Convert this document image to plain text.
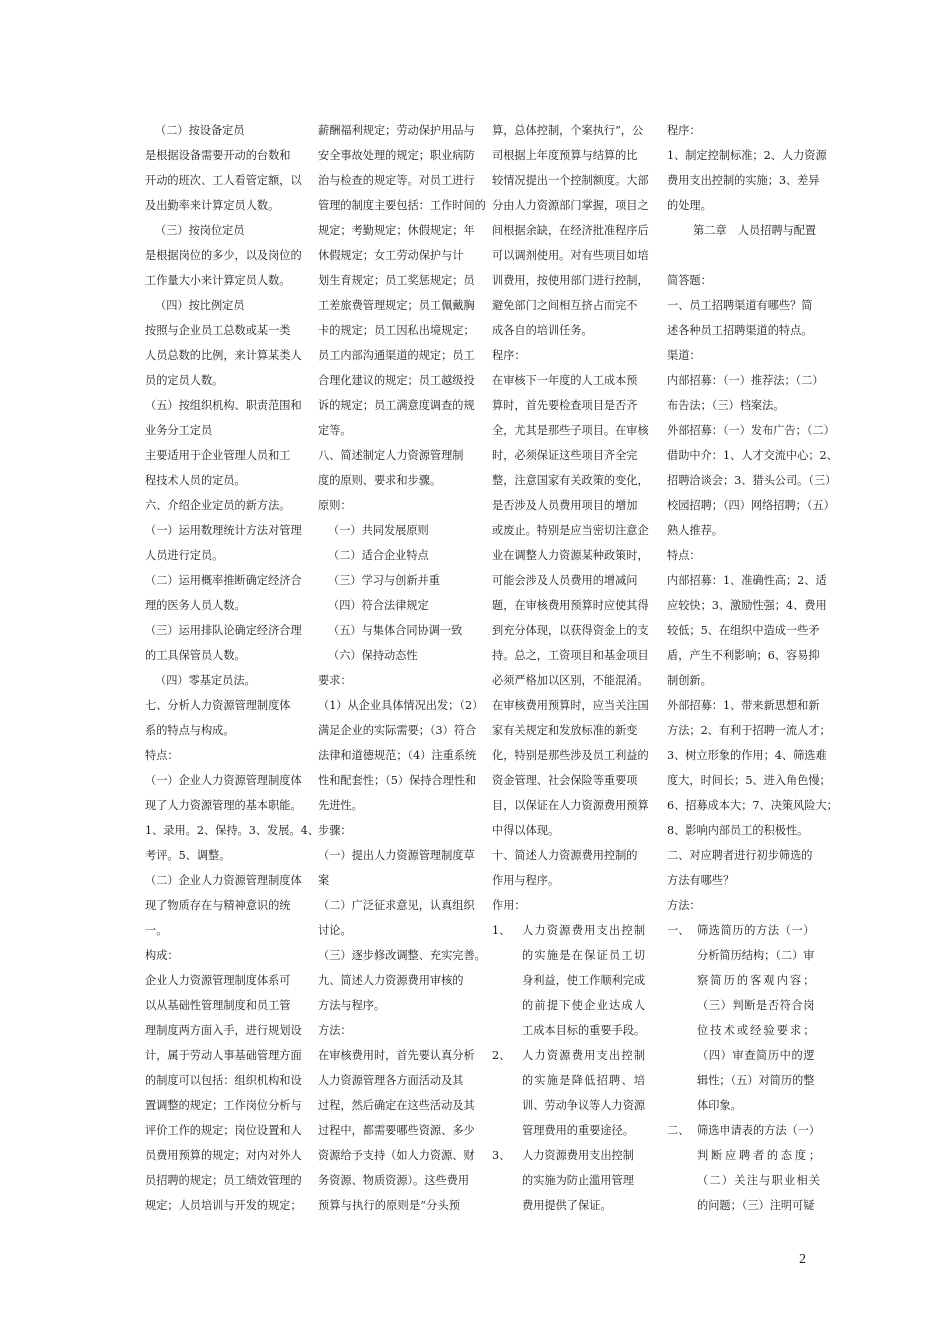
（二）按设备定员
是根据设备需要开动的台数和
开动的班次、工人看管定额，以
及出勤率来计算定员人数。
（三）按岗位定员
是根据岗位的多少，以及岗位的
工作量大小来计算定员人数。
（四）按比例定员
按照与企业员工总数或某一类
人员总数的比例，来计算某类人
员的定员人数。
（五）按组织机构、职责范围和
业务分工定员
主要适用于企业管理人员和工
程技术人员的定员。
六、介绍企业定员的新方法。
（一）运用数理统计方法对管理
人员进行定员。
（二）运用概率推断确定经济合
理的医务人员人数。
（三）运用排队论确定经济合理
的工具保管员人数。
（四）零基定员法。
七、分析人力资源管理制度体
系的特点与构成。
特点：
（一）企业人力资源管理制度体
现了人力资源管理的基本职能。
1、录用。2、保持。3、发展。4、
考评。5、调整。
（二）企业人力资源管理制度体
现了物质存在与精神意识的统
一。
构成：
企业人力资源管理制度体系可
以从基础性管理制度和员工管
理制度两方面入手，进行规划设
计，属于劳动人事基础管理方面
的制度可以包括：组织机构和设
置调整的规定；工作岗位分析与
评价工作的规定；岗位设置和人
员费用预算的规定；对内对外人
员招聘的规定；员工绩效管理的
规定；人员培训与开发的规定；
薪酬福利规定；劳动保护用品与
安全事故处理的规定；职业病防
治与检查的规定等。对员工进行
管理的制度主要包括：工作时间的
规定；考勤规定；休假规定；年
休假规定；女工劳动保护与计
划生育规定；员工奖惩规定；员
工差旅费管理规定；员工佩戴胸
卡的规定；员工因私出境规定；
员工内部沟通渠道的规定；员工
合理化建议的规定；员工越级投
诉的规定；员工满意度调查的规
定等。
八、简述制定人力资源管理制
度的原则、要求和步骤。
原则：
（一）共同发展原则
（二）适合企业特点
（三）学习与创新并重
（四）符合法律规定
（五）与集体合同协调一致
（六）保持动态性
要求：
（1）从企业具体情况出发；（2）
满足企业的实际需要；（3）符合
法律和道德规范；（4）注重系统
性和配套性；（5）保持合理性和
先进性。
步骤：
（一）提出人力资源管理制度草
案
（二）广泛征求意见，认真组织
讨论。
（三）逐步修改调整、充实完善。
九、简述人力资源费用审核的
方法与程序。
方法：
在审核费用时，首先要认真分析
人力资源管理各方面活动及其
过程，然后确定在这些活动及其
过程中，都需要哪些资源、多少
资源给予支持（如人力资源、财
务资源、物质资源）。这些费用
预算与执行的原则是“分头预
算，总体控制，个案执行”，公
司根据上年度预算与结算的比
较情况提出一个控制额度。大部
分由人力资源部门掌握，项目之
间根据余缺，在经济批准程序后
可以调剂使用。对有些项目如培
训费用，按使用部门进行控制，
避免部门之间相互挤占而完不
成各自的培训任务。
程序：
在审核下一年度的人工成本预
算时，首先要检查项目是否齐
全，尤其是那些子项目。在审核
时，必须保证这些项目齐全完
整，注意国家有关政策的变化，
是否涉及人员费用项目的增加
或废止。特别是应当密切注意企
业在调整人力资源某种政策时，
可能会涉及人员费用的增减问
题，在审核费用预算时应使其得
到充分体现，以获得资金上的支
持。总之，工资项目和基金项目
必须严格加以区别，不能混淆。
在审核费用预算时，应当关注国
家有关规定和发放标准的新变
化，特别是那些涉及员工利益的
资金管理、社会保险等重要项
目，以保证在人力资源费用预算
中得以体现。
十、简述人力资源费用控制的
作用与程序。
作用：
1、	人力资源费用支出控制
的实施是在保证员工切
身利益，使工作顺利完成
的前提下使企业达成人
工成本目标的重要手段。
2、	人力资源费用支出控制
的实施是降低招聘、培
训、劳动争议等人力资源
管理费用的重要途径。
3、	人力资源费用支出控制
的实施为防止滥用管理
费用提供了保证。
程序：
1、制定控制标准；2、人力资源
费用支出控制的实施；3、差异
的处理。
第二章　人员招聘与配置
简答题：
一、员工招聘渠道有哪些？简
述各种员工招聘渠道的特点。
渠道：
内部招募：（一）推荐法；（二）
布告法；（三）档案法。
外部招募：（一）发布广告；（二）
借助中介：1、人才交流中心；2、
招聘洽谈会；3、猎头公司。（三）
校园招聘；（四）网络招聘；（五）
熟人推荐。
特点：
内部招募：1、准确性高；2、适
应较快；3、激励性强；4、费用
较低；5、在组织中造成一些矛
盾，产生不利影响；6、容易抑
制创新。
外部招募：1、带来新思想和新
方法；2、有利于招聘一流人才；
3、树立形象的作用；4、筛选难
度大，时间长；5、进入角色慢；
6、招募成本大；7、决策风险大；
8、影响内部员工的积极性。
二、对应聘者进行初步筛选的
方法有哪些？
方法：
一、 筛选简历的方法（一）
分析简历结构；（二）审
察简历的客观内容；
（三）判断是否符合岗
位技术或经验要求；
（四）审查简历中的逻
辑性；（五）对简历的整
体印象。
二、 筛选申请表的方法（一）
判断应聘者的态度；
（二）关注与职业相关
的问题；（三）注明可疑
2
